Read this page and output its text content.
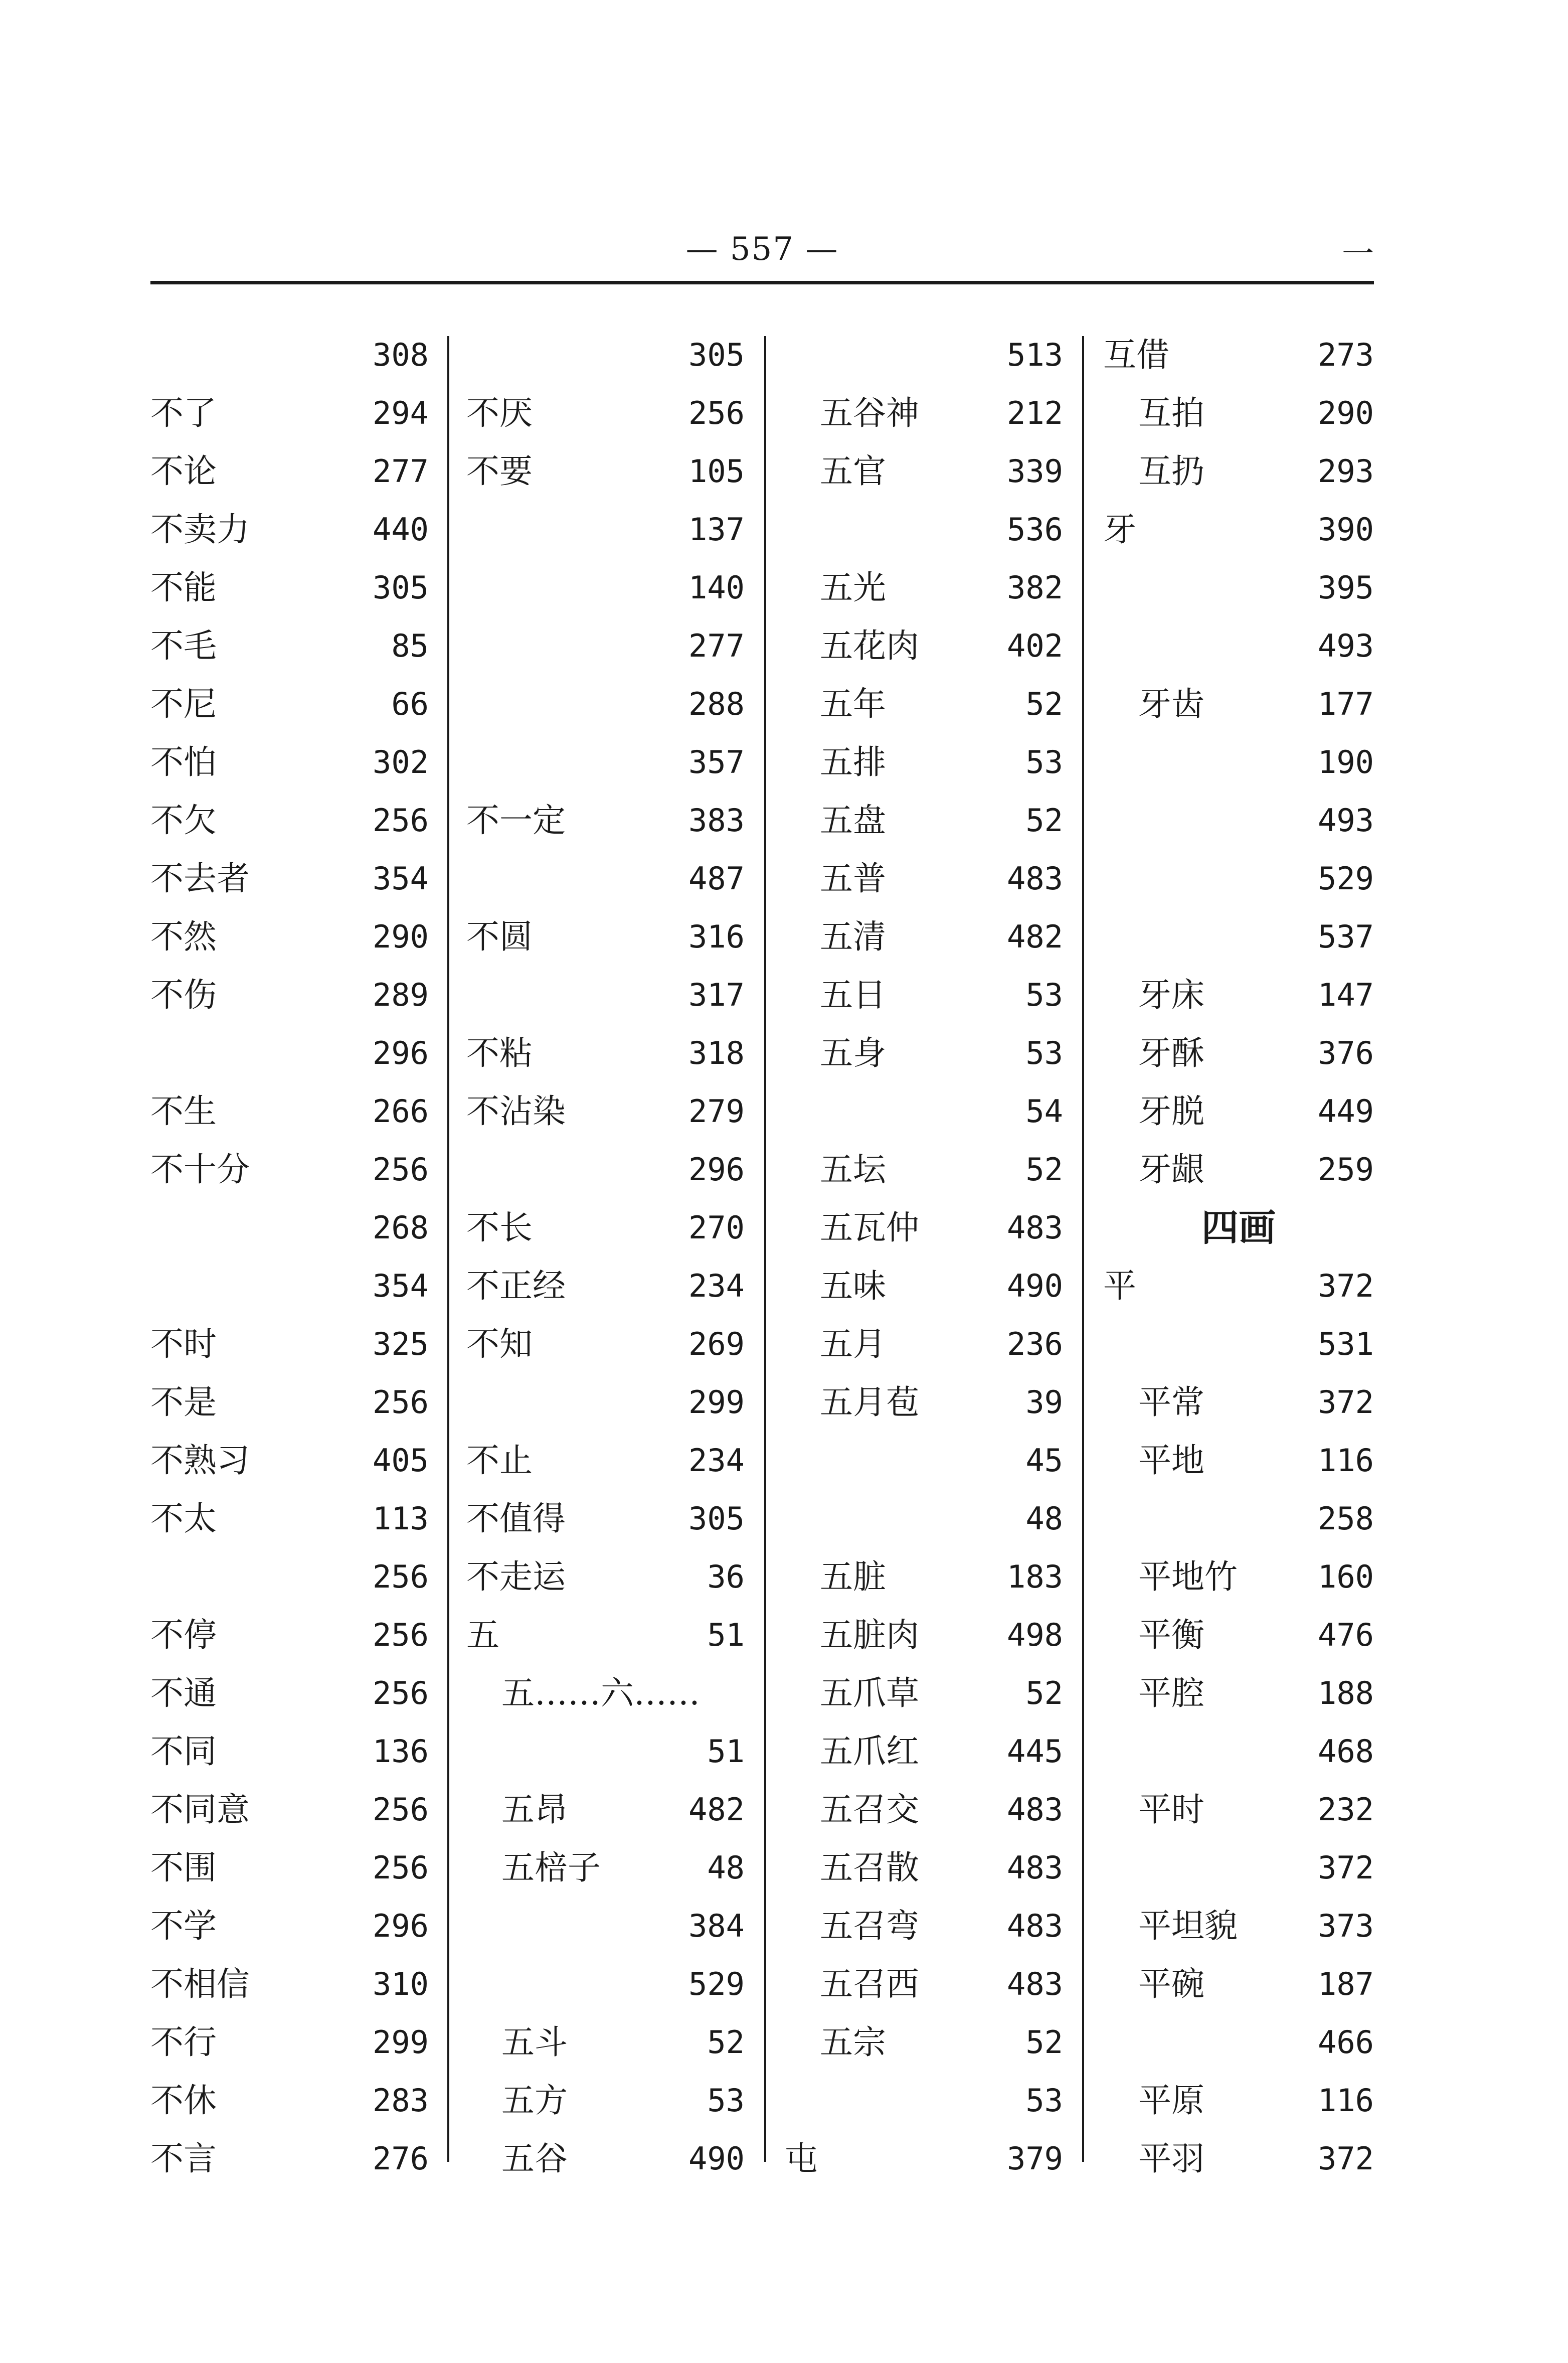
— 557 —	一
308
不了	294
不论	277
不卖力	440
不能	305
不毛	85
不尼	66
不怕	302
不欠	256
不去者	354
不然	290
不伤	289
296
不生	266
不十分	256
268
354
不时	325
不是	256
不熟习	405
不太	113
256
不停	256
不通	256
不同	136
不同意	256
不围	256
不学	296
不相信	310
不行	299
不休	283
不言	276
305
不厌	256
不要	105
137
140
277
288
357
不一定	383
487
不圆	316
317
不粘	318
不沾染	279
296
不长	270
不正经	234
不知	269
299
不止	234
不值得	305
不走运	36
五	51
五……六……
51
五昂	482
五棓子	48
384
529
五斗	52
五方	53
五谷	490
513
五谷神	212
五官	339
536
五光	382
五花肉	402
五年	52
五排	53
五盘	52
五普	483
五清	482
五日	53
五身	53
54
五坛	52
五瓦仲	483
五味	490
五月	236
五月苞	39
45
48
五脏	183
五脏肉	498
五爪草	52
五爪红	445
五召交	483
五召散	483
五召弯	483
五召西	483
五宗	52
53
屯	379
互借	273
互拍	290
互扔	293
牙	390
395
493
牙齿	177
190
493
529
537
牙床	147
牙酥	376
牙脱	449
牙龈	259
四画
平	372
531
平常	372
平地	116
258
平地竹	160
平衡	476
平腔	188
468
平时	232
372
平坦貌	373
平碗	187
466
平原	116
平羽	372
